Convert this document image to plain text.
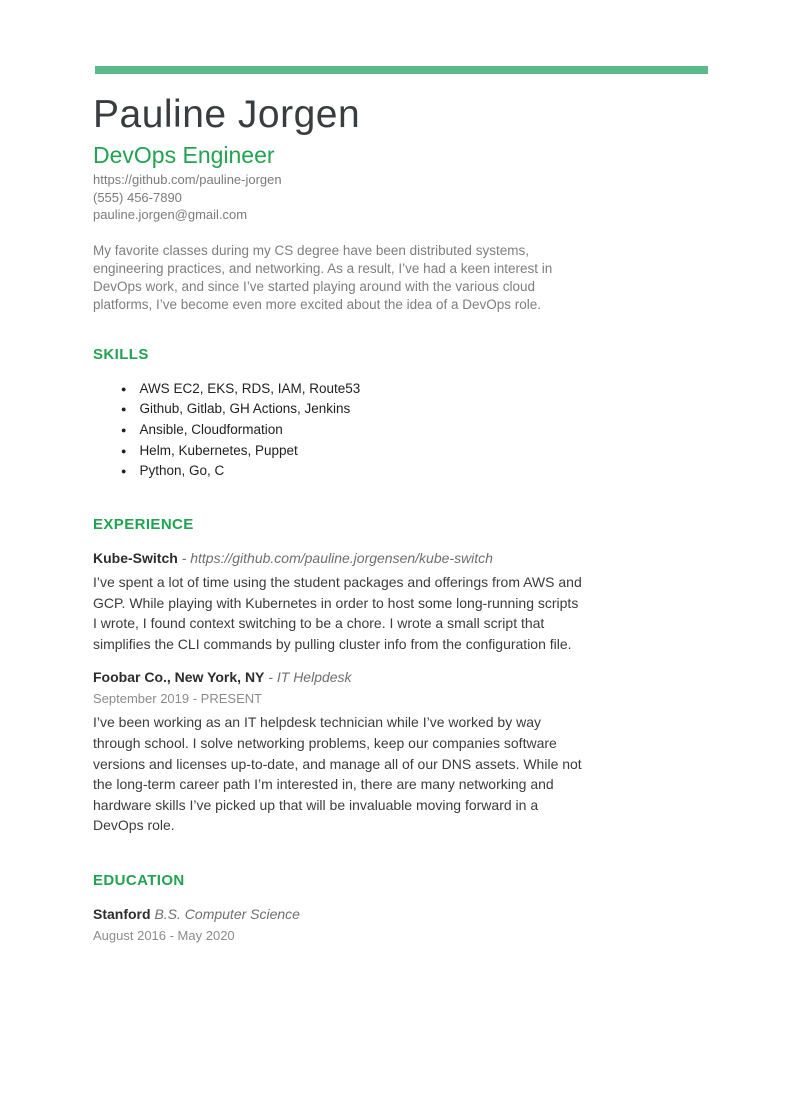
Pauline Jorgen
DevOps Engineer
https://github.com/pauline-jorgen
(555) 456-7890
pauline.jorgen@gmail.com

My favorite classes during my CS degree have been distributed systems, engineering practices, and networking. As a result, I’ve had a keen interest in DevOps work, and since I’ve started playing around with the various cloud platforms, I’ve become even more excited about the idea of a DevOps role.

SKILLS
● AWS EC2, EKS, RDS, IAM, Route53
● Github, Gitlab, GH Actions, Jenkins
● Ansible, Cloudformation
● Helm, Kubernetes, Puppet
● Python, Go, C
EXPERIENCE
Kube-Switch - https://github.com/pauline.jorgensen/kube-switch

I’ve spent a lot of time using the student packages and offerings from AWS and GCP. While playing with Kubernetes in order to host some long-running scripts I wrote, I found context switching to be a chore. I wrote a small script that simplifies the CLI commands by pulling cluster info from the configuration file.

Foobar Co., New York, NY - IT Helpdesk
September 2019 - PRESENT

I’ve been working as an IT helpdesk technician while I’ve worked by way through school. I solve networking problems, keep our companies software versions and licenses up-to-date, and manage all of our DNS assets. While not the long-term career path I’m interested in, there are many networking and hardware skills I’ve picked up that will be invaluable moving forward in a DevOps role.

EDUCATION
Stanford B.S. Computer Science
August 2016 - May 2020
